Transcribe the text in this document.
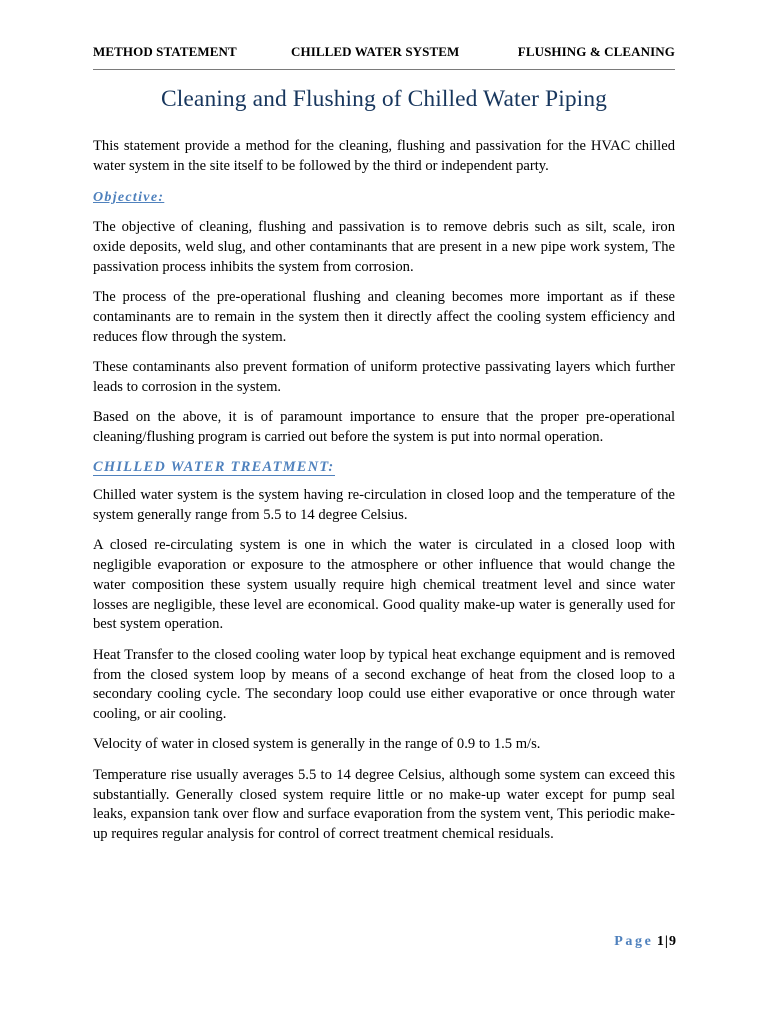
METHOD STATEMENT	CHILLED WATER SYSTEM	FLUSHING & CLEANING
Cleaning and Flushing of Chilled Water Piping

This statement provide a method for the cleaning, flushing and passivation for the HVAC chilled water system in the site itself to be followed by the third or independent party.

Objective:

The objective of cleaning, flushing and passivation is to remove debris such as silt, scale, iron oxide deposits, weld slug, and other contaminants that are present in a new pipe work system, The passivation process inhibits the system from corrosion.

The process of the pre-operational flushing and cleaning becomes more important as if these contaminants are to remain in the system then it directly affect the cooling system efficiency and reduces flow through the system.

These contaminants also prevent formation of uniform protective passivating layers which further leads to corrosion in the system.

Based on the above, it is of paramount importance to ensure that the proper pre-operational cleaning/flushing program is carried out before the system is put into normal operation.

CHILLED WATER TREATMENT:

Chilled water system is the system having re-circulation in closed loop and the temperature of the system generally range from 5.5 to 14 degree Celsius.

A closed re-circulating system is one in which the water is circulated in a closed loop with negligible evaporation or exposure to the atmosphere or other influence that would change the water composition these system usually require high chemical treatment level and since water losses are negligible, these level are economical. Good quality make-up water is generally used for best system operation.

Heat Transfer to the closed cooling water loop by typical heat exchange equipment and is removed from the closed system loop by means of a second exchange of heat from the closed loop to a secondary cooling cycle. The secondary loop could use either evaporative or once through water cooling, or air cooling.

Velocity of water in closed system is generally in the range of 0.9 to 1.5 m/s.

Temperature rise usually averages 5.5 to 14 degree Celsius, although some system can exceed this substantially. Generally closed system require little or no make-up water except for pump seal leaks, expansion tank over flow and surface evaporation from the system vent, This periodic make-up requires regular analysis for control of correct treatment chemical residuals.

Page 1|9
